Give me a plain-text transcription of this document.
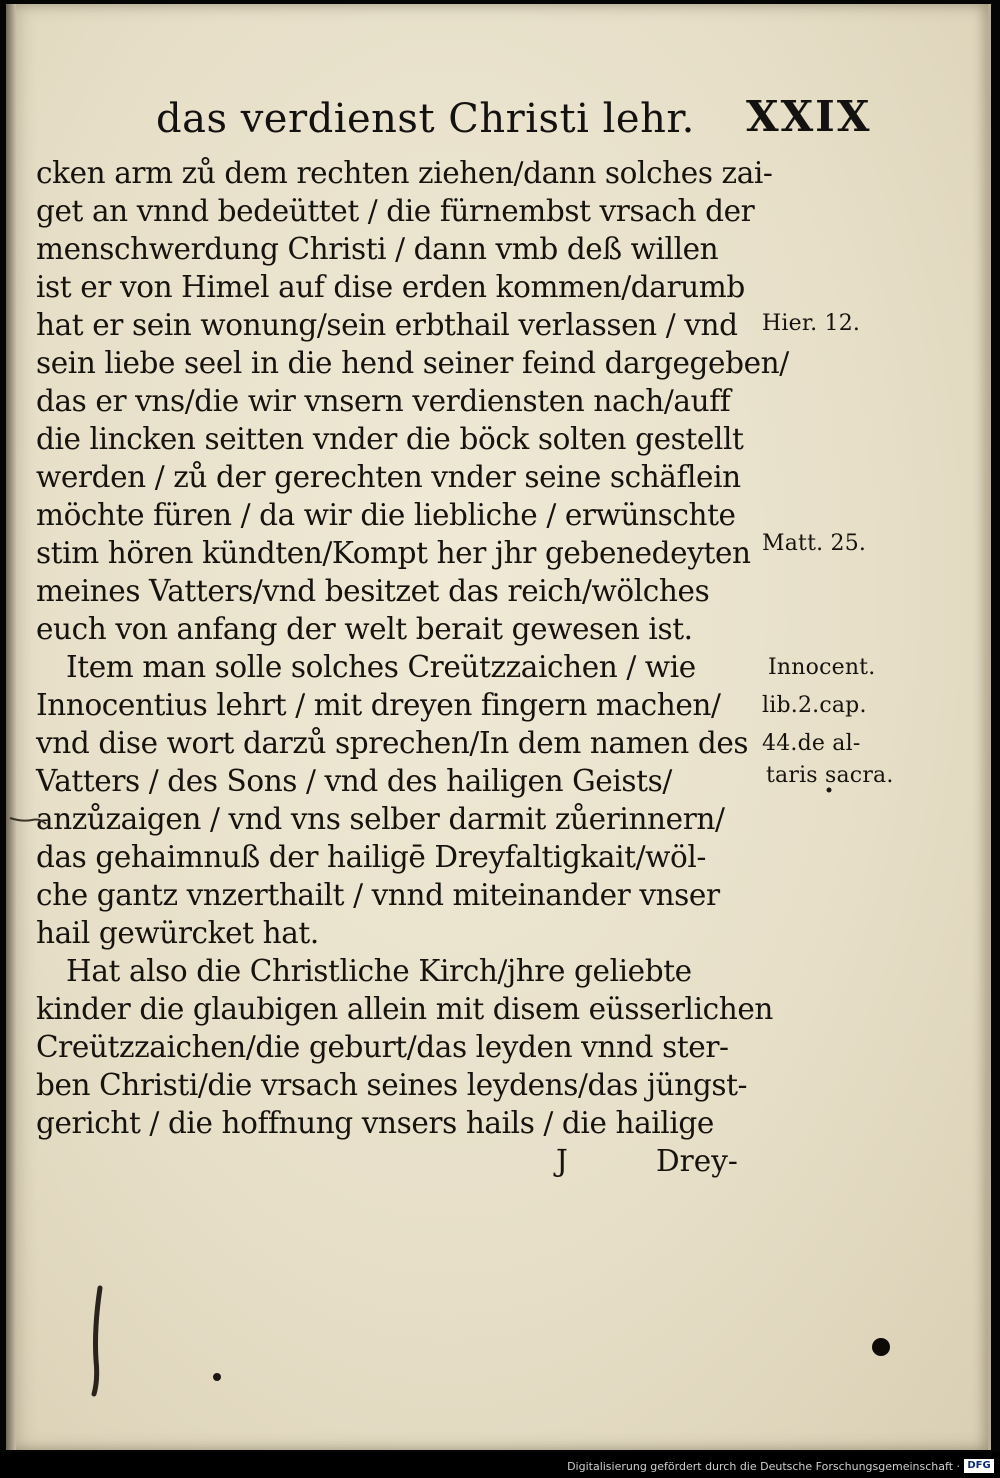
das verdienst Christi lehr. XXIX
cken arm zů dem rechten ziehen/dann solches zai-
get an vnnd bedeüttet / die fürnembst vrsach der
menschwerdung Christi / dann vmb deß willen
ist er von Himel auf dise erden kommen/darumb
hat er sein wonung/sein erbthail verlassen / vnd
sein liebe seel in die hend seiner feind dargegeben/
das er vns/die wir vnsern verdiensten nach/auff
die lincken seitten vnder die böck solten gestellt
werden / zů der gerechten vnder seine schäflein
möchte füren / da wir die liebliche / erwünschte
stim hören kündten/Kompt her jhr gebenedeyten
meines Vatters/vnd besitzet das reich/wölches
euch von anfang der welt berait gewesen ist.
Item man solle solches Creützzaichen / wie
Innocentius lehrt / mit dreyen fingern machen/
vnd dise wort darzů sprechen/In dem namen des
Vatters / des Sons / vnd des hailigen Geists/
anzůzaigen / vnd vns selber darmit zůerinnern/
das gehaimnuß der hailigē Dreyfaltigkait/wöl-
che gantz vnzerthailt / vnnd miteinander vnser
hail gewürcket hat.
Hat also die Christliche Kirch/jhre geliebte
kinder die glaubigen allein mit disem eüsserlichen
Creützzaichen/die geburt/das leyden vnnd ster-
ben Christi/die vrsach seines leydens/das jüngst-
gericht / die hoffnung vnsers hails / die hailige
J	Drey-
Hier. 12.
Matt. 25.
Innocent.
lib.2.cap.
44.de al-
taris sacra.
Digitalisierung gefördert durch die Deutsche Forschungsgemeinschaft · DFG
